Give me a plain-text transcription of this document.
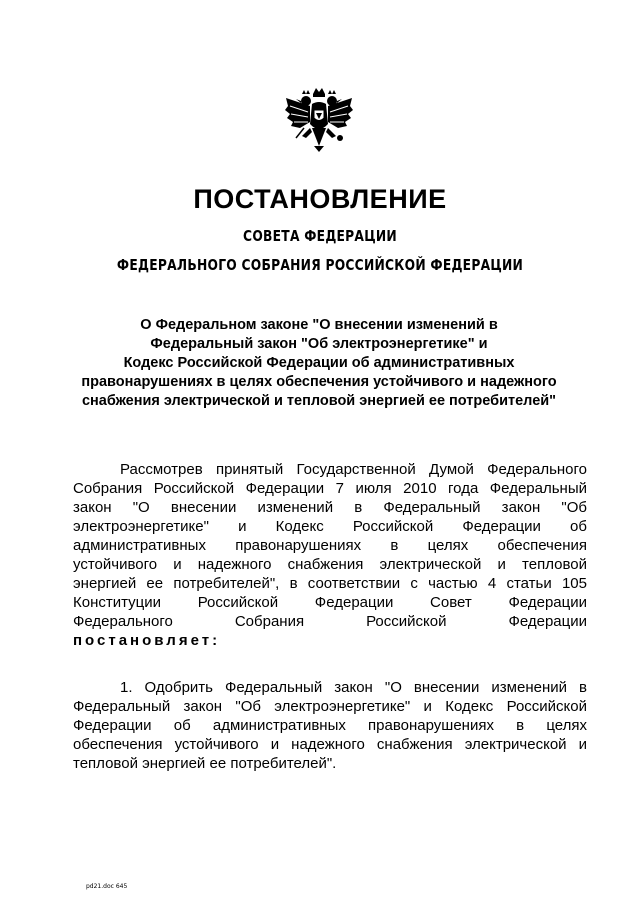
ПОСТАНОВЛЕНИЕ
СОВЕТА ФЕДЕРАЦИИ
ФЕДЕРАЛЬНОГО СОБРАНИЯ РОССИЙСКОЙ ФЕДЕРАЦИИ
О Федеральном законе "О внесении изменений в
Федеральный закон "Об электроэнергетике" и
Кодекс Российской Федерации об административных
правонарушениях в целях обеспечения устойчивого и надежного
снабжения электрической и тепловой энергией ее потребителей"
Рассмотрев принятый Государственной Думой Федерального
Собрания Российской Федерации 7 июля 2010 года Федеральный
закон "О внесении изменений в Федеральный закон "Об
электроэнергетике" и Кодекс Российской Федерации об
административных правонарушениях в целях обеспечения
устойчивого и надежного снабжения электрической и тепловой
энергией ее потребителей", в соответствии с частью 4 статьи 105
Конституции Российской Федерации Совет Федерации
Федерального Собрания Российской Федерации
постановляет:
1. Одобрить Федеральный закон "О внесении изменений в
Федеральный закон "Об электроэнергетике" и Кодекс Российской
Федерации об административных правонарушениях в целях
обеспечения устойчивого и надежного снабжения электрической и
тепловой энергией ее потребителей".
pd21.doc 645
